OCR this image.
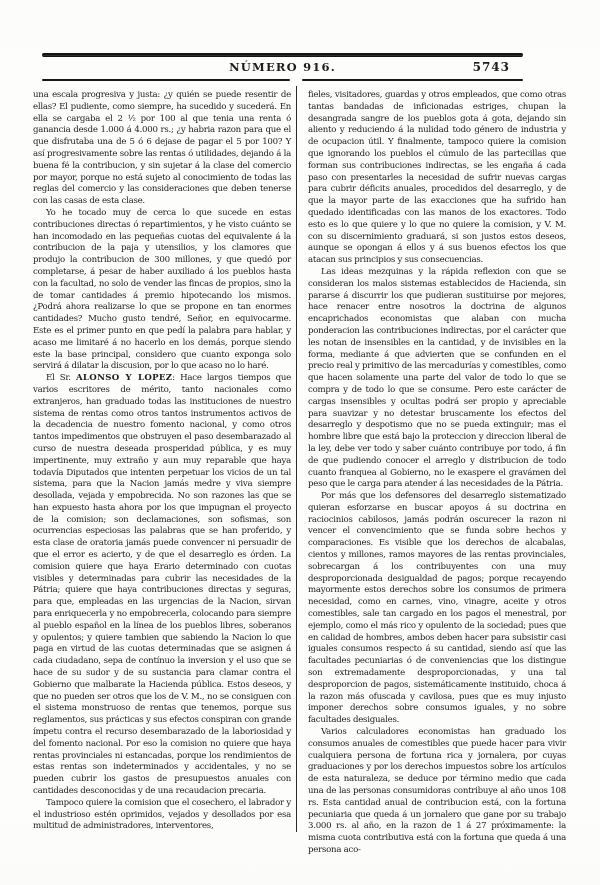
NÚMERO 916.	5743

una escala progresiva y justa: ¿y quién se puede resentir de ellas? El pudiente, como siempre, ha sucedido y sucederá. En ella se cargaba el 2 ½ por 100 al que tenia una renta ó ganancia desde 1.000 á 4.000 rs.; ¿y habria razon para que el que disfrutaba una de 5 ó 6 dejase de pagar el 5 por 100? Y así progresivamente sobre las rentas ó utilidades, dejando á la buena fé la contribucion, y sin sujetar á la clase del comercio por mayor, porque no está sujeto al conocimiento de todas las reglas del comercio y las consideraciones que deben tenerse con las casas de esta clase.

Yo he tocado muy de cerca lo que sucede en estas contribuciones directas ó repartimientos, y he visto cuánto se han incomodado en las pequeñas cuotas del equivalente á la contribucion de la paja y utensilios, y los clamores que produjo la contribucion de 300 millones, y que quedó por completarse, á pesar de haber auxiliado á los pueblos hasta con la facultad, no solo de vender las fincas de propios, sino la de tomar cantidades á premio hipotecando los mismos. ¿Podrá ahora realizarse lo que se propone en tan enormes cantidades? Mucho gusto tendré, Señor, en equivocarme. Este es el primer punto en que pedí la palabra para hablar, y acaso me limitaré á no hacerlo en los demás, porque siendo este la base principal, considero que cuanto exponga solo servirá á dilatar la discusion, por lo que acaso no lo haré.

El Sr. ALONSO Y LOPEZ: Hace largos tiempos que varios escritores de mérito, tanto nacionales como extranjeros, han graduado todas las instituciones de nuestro sistema de rentas como otros tantos instrumentos activos de la decadencia de nuestro fomento nacional, y como otros tantos impedimentos que obstruyen el paso desembarazado al curso de nuestra deseada prosperidad pública, y es muy impertinente, muy extraño y aun muy reparable que haya todavía Diputados que intenten perpetuar los vicios de un tal sistema, para que la Nacion jamás medre y viva siempre desollada, vejada y empobrecida. No son razones las que se han expuesto hasta ahora por los que impugnan el proyecto de la comision; son declamaciones, son sofismas, son ocurrencias especiosas las palabras que se han proferido, y esta clase de oratoria jamás puede convencer ni persuadir de que el error es acierto, y de que el desarreglo es órden. La comision quiere que haya Erario determinado con cuotas visibles y determinadas para cubrir las necesidades de la Pátria; quiere que haya contribuciones directas y seguras, para que, empleadas en las urgencias de la Nacion, sirvan para enriquecerla y no empobrecerla, colocando para siempre al pueblo español en la línea de los pueblos libres, soberanos y opulentos; y quiere tambien que sabiendo la Nacion lo que paga en virtud de las cuotas determinadas que se asignen á cada ciudadano, sepa de contínuo la inversion y el uso que se hace de su sudor y de su sustancia para clamar contra el Gobierno que malbarate la Hacienda pública. Estos deseos, y que no pueden ser otros que los de V. M., no se consiguen con el sistema monstruoso de rentas que tenemos, porque sus reglamentos, sus prácticas y sus efectos conspiran con grande ímpetu contra el recurso desembarazado de la laboriosidad y del fomento nacional. Por eso la comision no quiere que haya rentas provinciales ni estancadas, porque los rendimientos de estas rentas son indeterminados y accidentales, y no se pueden cubrir los gastos de presupuestos anuales con cantidades desconocidas y de una recaudacion precaria.

Tampoco quiere la comision que el cosechero, el labrador y el industrioso estén oprimidos, vejados y desollados por esa multitud de administradores, interventores,

fieles, visitadores, guardas y otros empleados, que como otras tantas bandadas de inficionadas estriges, chupan la desangrada sangre de los pueblos gota á gota, dejando sin aliento y reduciendo á la nulidad todo género de industria y de ocupacion útil. Y finalmente, tampoco quiere la comision que ignorando los pueblos el cúmulo de las partecillas que forman sus contribuciones indirectas, se les engaña á cada paso con presentarles la necesidad de sufrir nuevas cargas para cubrir déficits anuales, procedidos del desarreglo, y de que la mayor parte de las exacciones que ha sufrido han quedado identificadas con las manos de los exactores. Todo esto es lo que quiere y lo que no quiere la comision, y V. M. con su discernimiento graduará, si son justos estos deseos, aunque se opongan á ellos y á sus buenos efectos los que atacan sus principios y sus consecuencias.

Las ideas mezquinas y la rápida reflexion con que se consideran los malos sistemas establecidos de Hacienda, sin pararse á discurrir los que pudieran sustituirse por mejores, hace renacer entre nosotros la doctrina de algunos encaprichados economistas que alaban con mucha ponderacion las contribuciones indirectas, por el carácter que les notan de insensibles en la cantidad, y de invisibles en la forma, mediante á que advierten que se confunden en el precio real y primitivo de las mercadurías y comestibles, como que hacen solamente una parte del valor de todo lo que se compra y de todo lo que se consume. Pero este carácter de cargas insensibles y ocultas podrá ser propio y apreciable para suavizar y no detestar bruscamente los efectos del desarreglo y despotismo que no se pueda extinguir; mas el hombre libre que está bajo la proteccion y direccion liberal de la ley, debe ver todo y saber cuánto contribuye por todo, á fin de que pudiendo conocer el arreglo y distribucion de todo cuanto franquea al Gobierno, no le exaspere el gravámen del peso que le carga para atender á las necesidades de la Pátria.

Por más que los defensores del desarreglo sistematizado quieran esforzarse en buscar apoyos á su doctrina en raciocinios cabilosos, jamás podrán oscurecer la razon ni vencer el convencimiento que se funda sobre hechos y comparaciones. Es visible que los derechos de alcabalas, cientos y millones, ramos mayores de las rentas provinciales, sobrecargan á los contribuyentes con una muy desproporcionada desigualdad de pagos; porque recayendo mayormente estos derechos sobre los consumos de primera necesidad, como en carnes, vino, vinagre, aceite y otros comestibles, sale tan cargado en los pagos el menestral, por ejemplo, como el más rico y opulento de la sociedad; pues que en calidad de hombres, ambos deben hacer para subsistir casi iguales consumos respecto á su cantidad, siendo así que las facultades pecuniarias ó de conveniencias que los distingue son extremadamente desproporcionadas, y una tal desproporcion de pagos, sistemáticamente instituido, choca á la razon más ofuscada y cavilosa, pues que es muy injusto imponer derechos sobre consumos iguales, y no sobre facultades desiguales.

Varios calculadores economistas han graduado los consumos anuales de comestibles que puede hacer para vivir cualquiera persona de fortuna rica y jornalera, por cuyas graduaciones y por los derechos impuestos sobre los artículos de esta naturaleza, se deduce por término medio que cada una de las personas consumidoras contribuye al año unos 108 rs. Esta cantidad anual de contribucion está, con la fortuna pecuniaria que queda á un jornalero que gane por su trabajo 3.000 rs. al año, en la razon de 1 á 27 próximamente: la misma cuota contributiva está con la fortuna que queda á una persona aco-
